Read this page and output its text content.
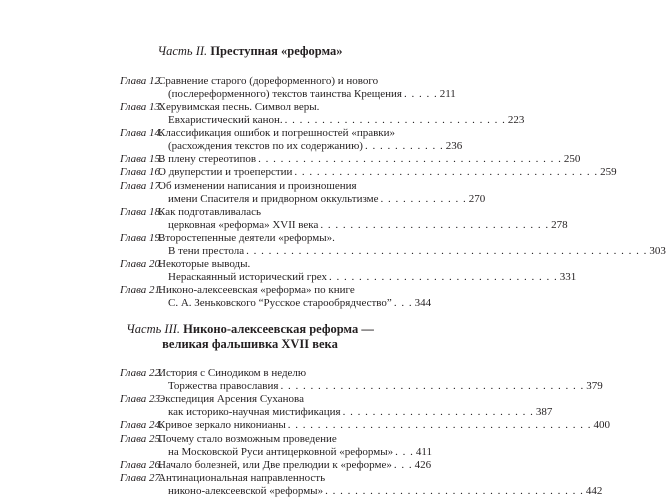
Часть II. Преступная «реформа»
Глава 12.
Сравнение старого (дореформенного) и нового
(послереформенного) текстов таинства Крещения . . . . . 211
Глава 13.
Херувимская песнь. Символ веры.
Евхаристический канон. . . . . . . . . . . . . . . . . . . . . . . . . . . . . . . 223
Глава 14.
Классификация ошибок и погрешностей «правки»
(расхождения текстов по их содержанию) . . . . . . . . . . . 236
Глава 15.
В плену стереотипов . . . . . . . . . . . . . . . . . . . . . . . . . . . . . . . . . . . . . . . . . 250
Глава 16.
О двуперстии и троеперстии . . . . . . . . . . . . . . . . . . . . . . . . . . . . . . . . . . . . . . . . . 259
Глава 17.
Об изменении написания и произношения
имени Спасителя и придворном оккультизме . . . . . . . . . . . . 270
Глава 18.
Как подготавливалась
церковная «реформа» XVII века . . . . . . . . . . . . . . . . . . . . . . . . . . . . . . . 278
Глава 19.
Второстепенные деятели «реформы».
В тени престола . . . . . . . . . . . . . . . . . . . . . . . . . . . . . . . . . . . . . . . . . . . . . . . . . . . . . . 303
Глава 20.
Некоторые выводы.
Нераскаянный исторический грех . . . . . . . . . . . . . . . . . . . . . . . . . . . . . . . 331
Глава 21.
Никоно-алексеевская «реформа» по книге
С. А. Зеньковского “Русское старообрядчество” . . . 344
Часть III. Никоно-алексеевская реформа —
великая фальшивка XVII века
Глава 22.
История с Синодиком в неделю
Торжества православия . . . . . . . . . . . . . . . . . . . . . . . . . . . . . . . . . . . . . . . . . 379
Глава 23.
Экспедиция Арсения Суханова
как историко-научная мистификация . . . . . . . . . . . . . . . . . . . . . . . . . . 387
Глава 24.
Кривое зеркало никонианы . . . . . . . . . . . . . . . . . . . . . . . . . . . . . . . . . . . . . . . . . 400
Глава 25.
Почему стало возможным проведение
на Московской Руси антицерковной «реформы» . . . 411
Глава 26.
Начало болезней, или Две прелюдии к «реформе» . . . 426
Глава 27.
Антинациональная направленность
никоно-алексеевской «реформы» . . . . . . . . . . . . . . . . . . . . . . . . . . . . . . . . . . . 442
